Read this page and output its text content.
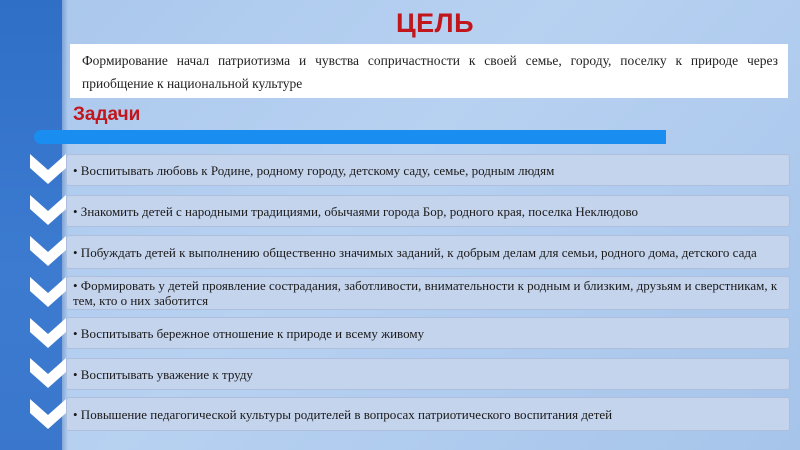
ЦЕЛЬ
Формирование начал патриотизма и чувства сопричастности к своей семье, городу, поселку к природе через приобщение к национальной культуре
Задачи
• Воспитывать любовь к Родине, родному городу, детскому саду, семье, родным людям
• Знакомить детей с народными традициями, обычаями города Бор, родного края, поселка Неклюдово
• Побуждать детей к выполнению общественно значимых заданий, к добрым делам для семьи, родного дома, детского сада
• Формировать у детей проявление сострадания, заботливости, внимательности к родным и близким, друзьям и сверстникам, к тем, кто о них заботится
• Воспитывать бережное отношение к природе и всему живому
• Воспитывать уважение к труду
• Повышение педагогической культуры родителей в вопросах патриотического воспитания детей
